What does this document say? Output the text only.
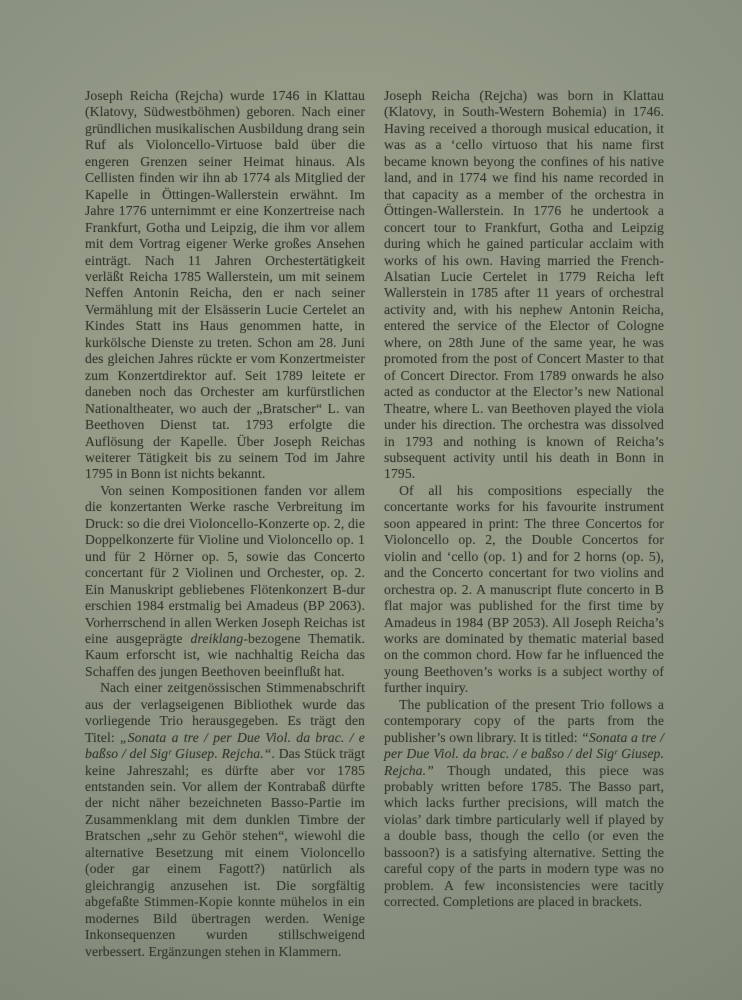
Joseph Reicha (Rejcha) wurde 1746 in Klattau (Klatovy, Südwestböhmen) geboren. Nach einer gründlichen musikalischen Ausbildung drang sein Ruf als Violoncello-Virtuose bald über die engeren Grenzen seiner Heimat hinaus. Als Cellisten finden wir ihn ab 1774 als Mitglied der Kapelle in Öttingen-Wallerstein erwähnt. Im Jahre 1776 unternimmt er eine Konzertreise nach Frankfurt, Gotha und Leipzig, die ihm vor allem mit dem Vortrag eigener Werke großes Ansehen einträgt. Nach 11 Jahren Orchestertätigkeit verläßt Reicha 1785 Wallerstein, um mit seinem Neffen Antonin Reicha, den er nach seiner Vermählung mit der Elsässerin Lucie Certelet an Kindes Statt ins Haus genommen hatte, in kurkölsche Dienste zu treten. Schon am 28. Juni des gleichen Jahres rückte er vom Konzertmeister zum Konzertdirektor auf. Seit 1789 leitete er daneben noch das Orchester am kurfürstlichen Nationaltheater, wo auch der „Bratscher“ L. van Beethoven Dienst tat. 1793 erfolgte die Auflösung der Kapelle. Über Joseph Reichas weiterer Tätigkeit bis zu seinem Tod im Jahre 1795 in Bonn ist nichts bekannt.

Von seinen Kompositionen fanden vor allem die konzertanten Werke rasche Verbreitung im Druck: so die drei Violoncello-Konzerte op. 2, die Doppelkonzerte für Violine und Violoncello op. 1 und für 2 Hörner op. 5, sowie das Concerto concertant für 2 Violinen und Orchester, op. 2. Ein Manuskript gebliebenes Flötenkonzert B-dur erschien 1984 erstmalig bei Amadeus (BP 2063). Vorherrschend in allen Werken Joseph Reichas ist eine ausgeprägte dreiklang-bezogene Thematik. Kaum erforscht ist, wie nachhaltig Reicha das Schaffen des jungen Beethoven beeinflußt hat.

Nach einer zeitgenössischen Stimmenabschrift aus der verlagseigenen Bibliothek wurde das vorliegende Trio herausgegeben. Es trägt den Titel: „Sonata a tre / per Due Viol. da brac. / e baßso / del Sigʳ Giusep. Rejcha.“. Das Stück trägt keine Jahreszahl; es dürfte aber vor 1785 entstanden sein. Vor allem der Kontrabaß dürfte der nicht näher bezeichneten Basso-Partie im Zusammenklang mit dem dunklen Timbre der Bratschen „sehr zu Gehör stehen“, wiewohl die alternative Besetzung mit einem Violoncello (oder gar einem Fagott?) natürlich als gleichrangig anzusehen ist. Die sorgfältig abgefaßte Stimmen-Kopie konnte mühelos in ein modernes Bild übertragen werden. Wenige Inkonsequenzen wurden stillschweigend verbessert. Ergänzungen stehen in Klammern.

Joseph Reicha (Rejcha) was born in Klattau (Klatovy, in South-Western Bohemia) in 1746. Having received a thorough musical education, it was as a ‘cello virtuoso that his name first became known beyong the confines of his native land, and in 1774 we find his name recorded in that capacity as a member of the orchestra in Öttingen-Wallerstein. In 1776 he undertook a concert tour to Frankfurt, Gotha and Leipzig during which he gained particular acclaim with works of his own. Having married the French-Alsatian Lucie Certelet in 1779 Reicha left Wallerstein in 1785 after 11 years of orchestral activity and, with his nephew Antonin Reicha, entered the service of the Elector of Cologne where, on 28th June of the same year, he was promoted from the post of Concert Master to that of Concert Director. From 1789 onwards he also acted as conductor at the Elector’s new National Theatre, where L. van Beethoven played the viola under his direction. The orchestra was dissolved in 1793 and nothing is known of Reicha’s subsequent activity until his death in Bonn in 1795.

Of all his compositions especially the concertante works for his favourite instrument soon appeared in print: The three Concertos for Violoncello op. 2, the Double Concertos for violin and ‘cello (op. 1) and for 2 horns (op. 5), and the Concerto concertant for two violins and orchestra op. 2. A manuscript flute concerto in B flat major was published for the first time by Amadeus in 1984 (BP 2053). All Joseph Reicha’s works are dominated by thematic material based on the common chord. How far he influenced the young Beethoven’s works is a subject worthy of further inquiry.

The publication of the present Trio follows a contemporary copy of the parts from the publisher’s own library. It is titled: “Sonata a tre / per Due Viol. da brac. / e baßso / del Sigʳ Giusep. Rejcha.” Though undated, this piece was probably written before 1785. The Basso part, which lacks further precisions, will match the violas’ dark timbre particularly well if played by a double bass, though the cello (or even the bassoon?) is a satisfying alternative. Setting the careful copy of the parts in modern type was no problem. A few inconsistencies were tacitly corrected. Completions are placed in brackets.
